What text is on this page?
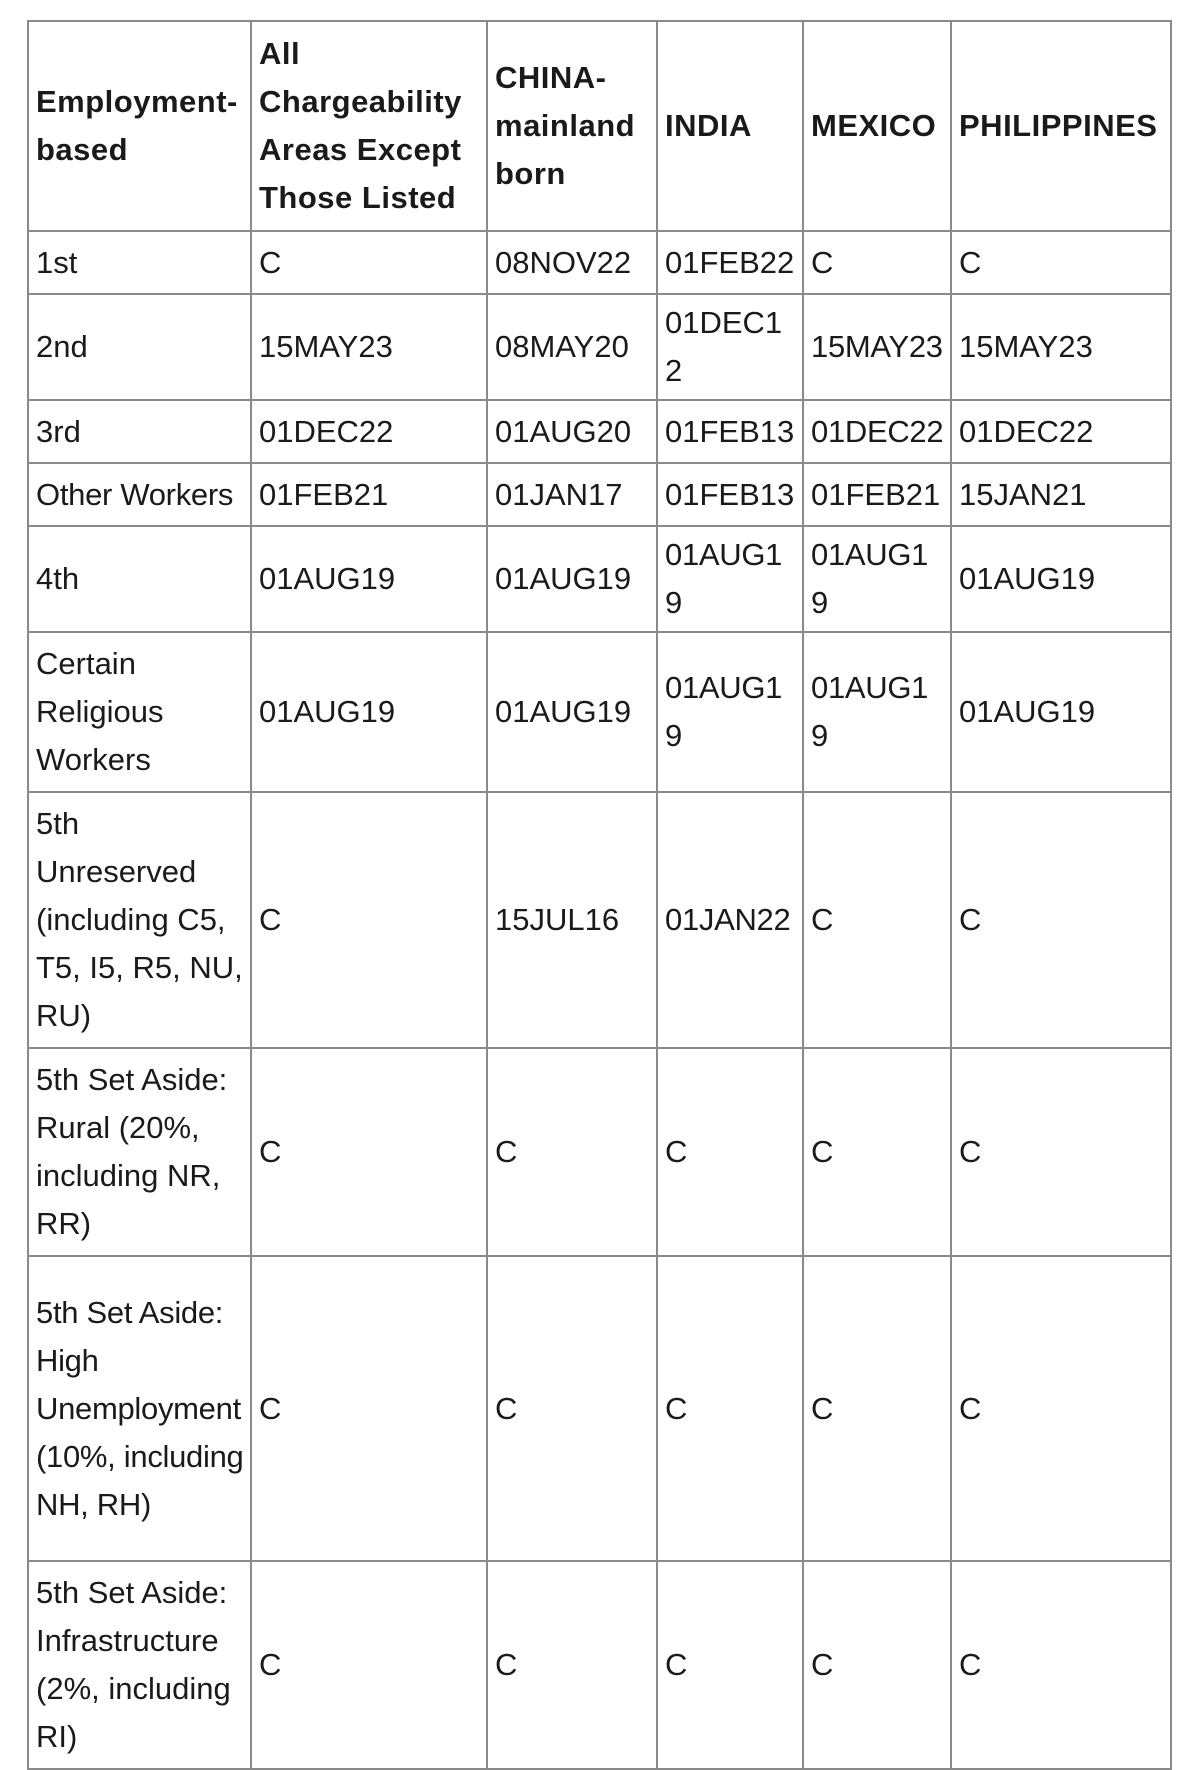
Employment-based	All Chargeability Areas Except Those Listed	CHINA-mainland born	INDIA	MEXICO	PHILIPPINES
1st	C	08NOV22	01FEB22	C	C
2nd	15MAY23	08MAY20	01DEC12	15MAY23	15MAY23
3rd	01DEC22	01AUG20	01FEB13	01DEC22	01DEC22
Other Workers	01FEB21	01JAN17	01FEB13	01FEB21	15JAN21
4th	01AUG19	01AUG19	01AUG19	01AUG19	01AUG19
Certain Religious Workers	01AUG19	01AUG19	01AUG19	01AUG19	01AUG19
5th Unreserved (including C5, T5, I5, R5, NU, RU)	C	15JUL16	01JAN22	C	C
5th Set Aside: Rural (20%, including NR, RR)	C	C	C	C	C
5th Set Aside: High Unemployment (10%, including NH, RH)	C	C	C	C	C
5th Set Aside: Infrastructure (2%, including RI)	C	C	C	C	C
